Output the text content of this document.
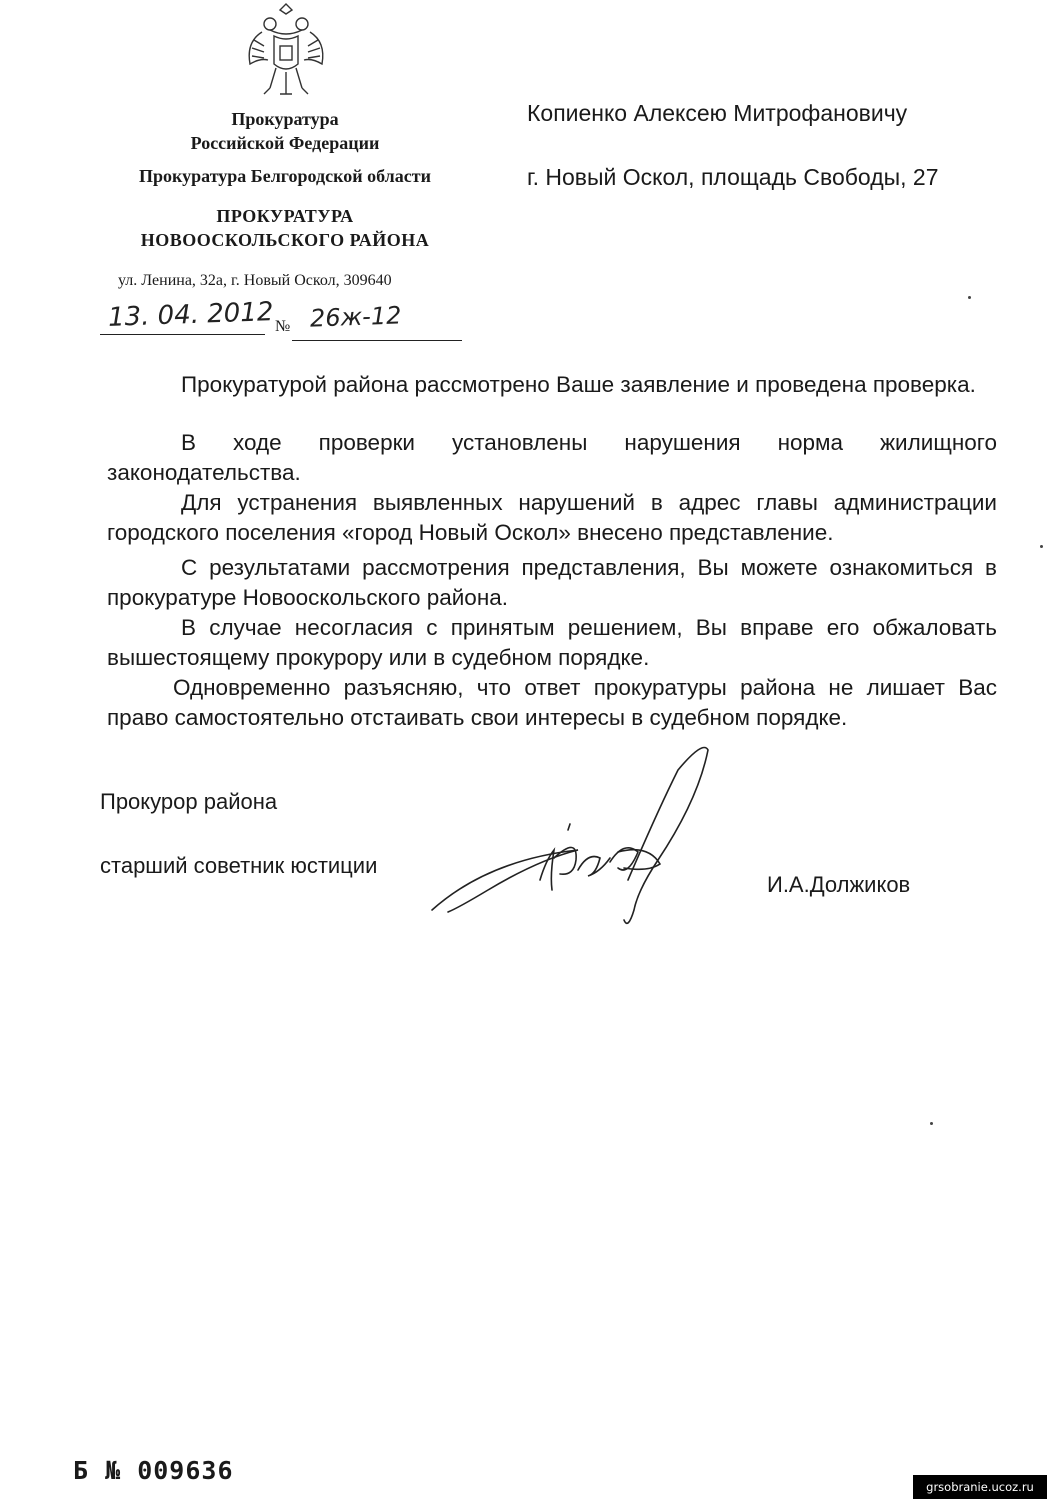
Прокуратура
Российской Федерации
Прокуратура Белгородской области
ПРОКУРАТУРА
НОВООСКОЛЬСКОГО РАЙОНА
ул. Ленина, 32а, г. Новый Оскол, 309640
13. 04. 2012 № 26ж-12
Копиенко Алексею Митрофановичу
г. Новый Оскол, площадь Свободы, 27
Прокуратурой района рассмотрено Ваше заявление и проведена проверка.
В ходе проверки установлены нарушения норма жилищного законодательства.
Для устранения выявленных нарушений в адрес главы администрации городского поселения «город Новый Оскол» внесено представление.
С результатами рассмотрения представления, Вы можете ознакомиться в прокуратуре Новооскольского района.
В случае несогласия с принятым решением, Вы вправе его обжаловать вышестоящему прокурору или в судебном порядке.
Одновременно разъясняю, что ответ прокуратуры района не лишает Вас право самостоятельно отстаивать свои интересы в судебном порядке.
Прокурор района
старший советник юстиции
И.А.Должиков
Б № 009636
grsobranie.ucoz.ru
